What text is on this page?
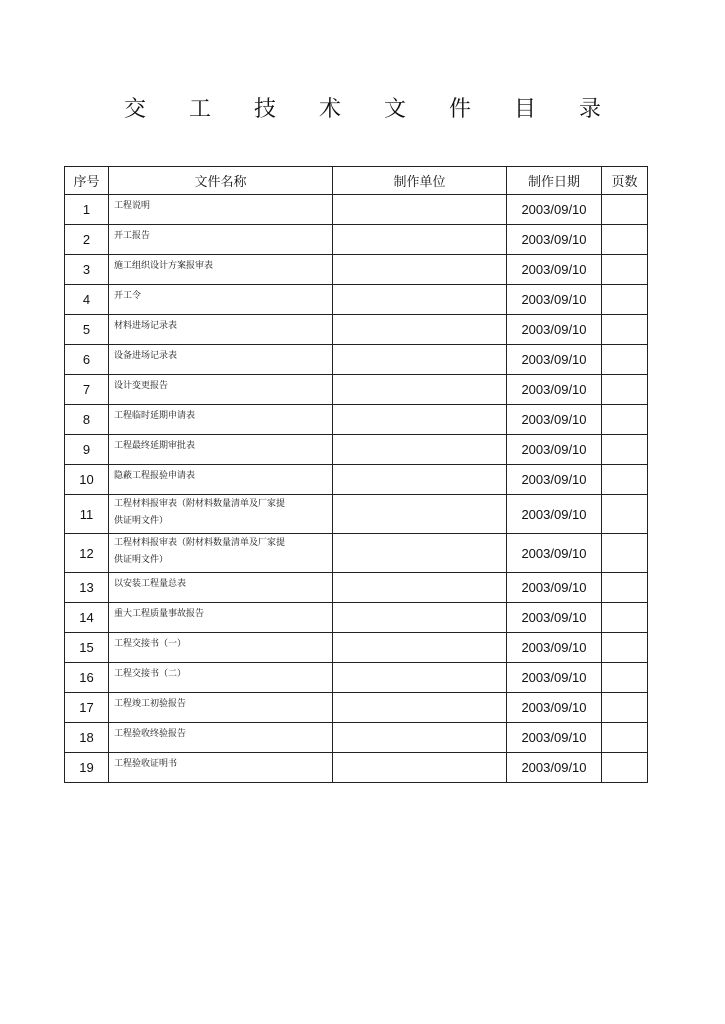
交 工 技 术 文 件 目 录
序号	文件名称	制作单位	制作日期	页数
1	工程说明		2003/09/10	
2	开工报告		2003/09/10	
3	施工组织设计方案报审表		2003/09/10	
4	开工令		2003/09/10	
5	材料进场记录表		2003/09/10	
6	设备进场记录表		2003/09/10	
7	设计变更报告		2003/09/10	
8	工程临时延期申请表		2003/09/10	
9	工程最终延期审批表		2003/09/10	
10	隐蔽工程报验申请表		2003/09/10	
11	工程材料报审表（附材料数量清单及厂家提
供证明文件）		2003/09/10	
12	工程材料报审表（附材料数量清单及厂家提
供证明文件）		2003/09/10	
13	以安装工程量总表		2003/09/10	
14	重大工程质量事故报告		2003/09/10	
15	工程交接书（一）		2003/09/10	
16	工程交接书（二）		2003/09/10	
17	工程竣工初验报告		2003/09/10	
18	工程验收终验报告		2003/09/10	
19	工程验收证明书		2003/09/10	
